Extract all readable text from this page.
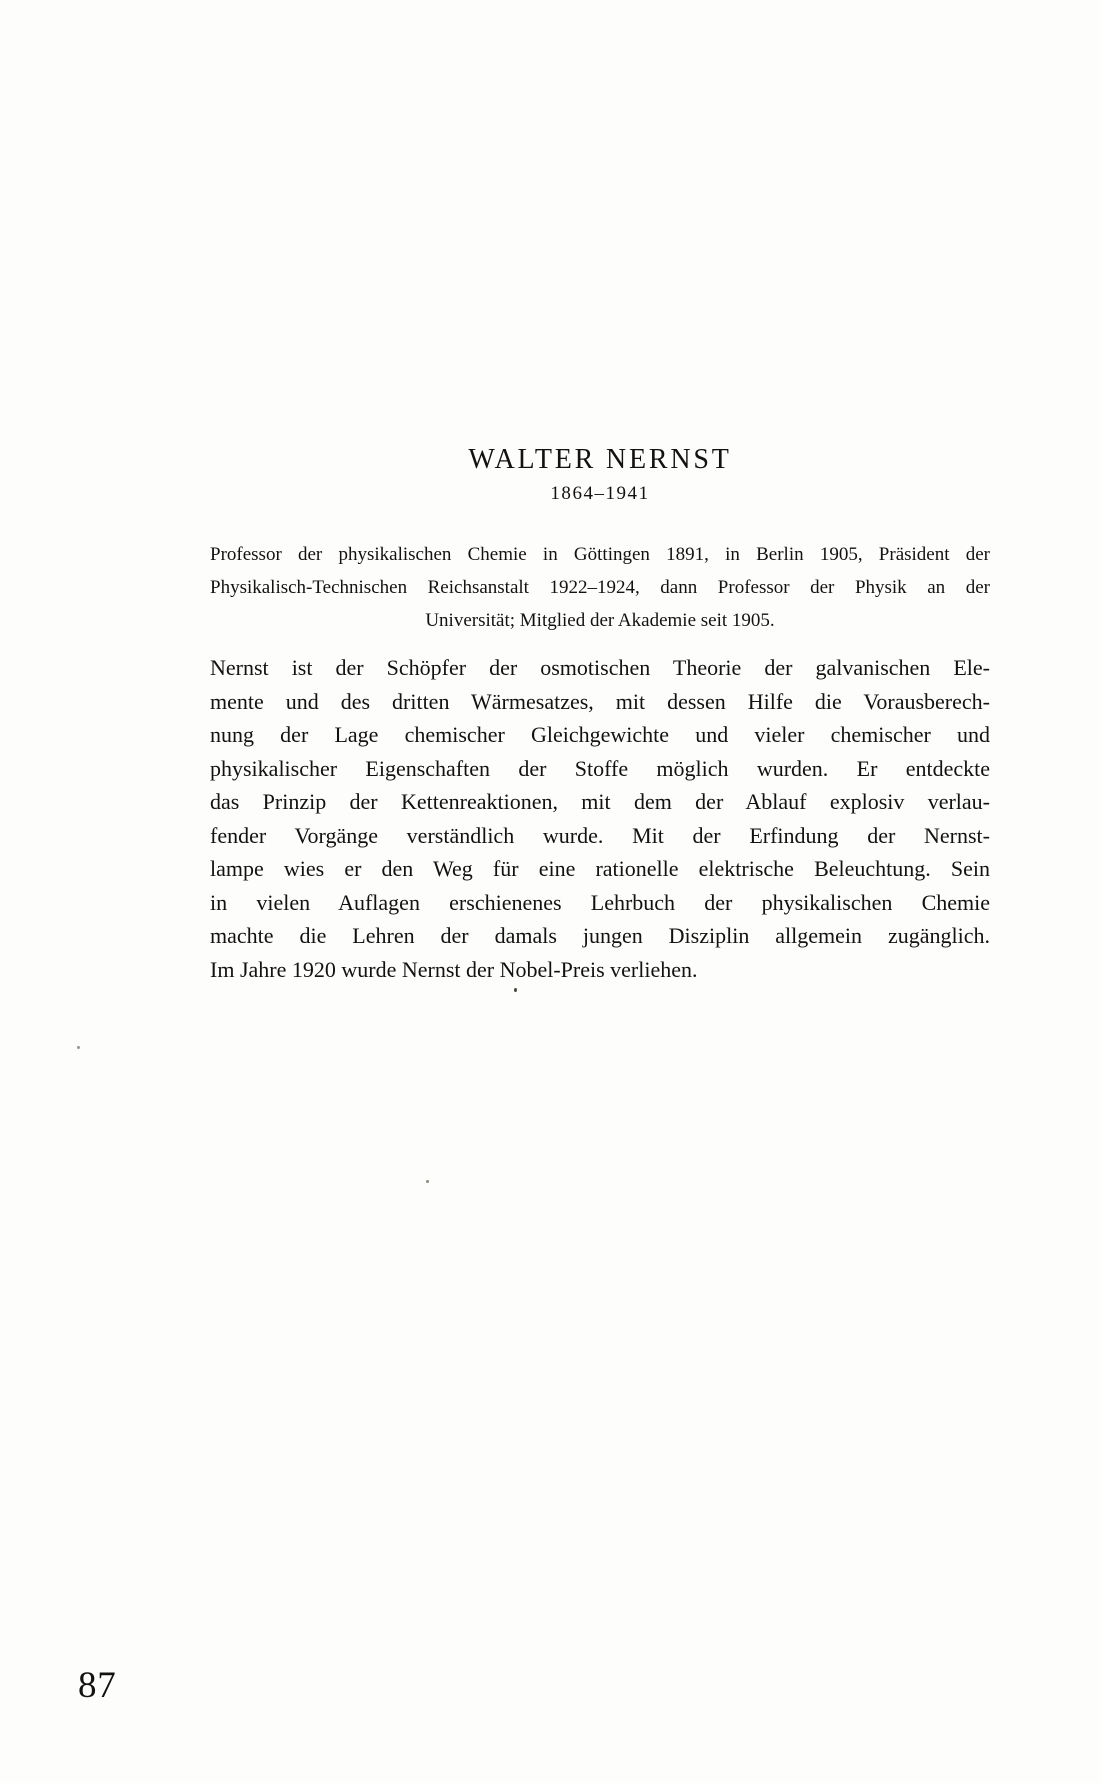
WALTER NERNST
1864–1941
Professor der physikalischen Chemie in Göttingen 1891, in Berlin 1905, Präsident der
Physikalisch-Technischen Reichsanstalt 1922–1924, dann Professor der Physik an der
Universität; Mitglied der Akademie seit 1905.
Nernst ist der Schöpfer der osmotischen Theorie der galvanischen Ele-
mente und des dritten Wärmesatzes, mit dessen Hilfe die Vorausberech-
nung der Lage chemischer Gleichgewichte und vieler chemischer und
physikalischer Eigenschaften der Stoffe möglich wurden. Er entdeckte
das Prinzip der Kettenreaktionen, mit dem der Ablauf explosiv verlau-
fender Vorgänge verständlich wurde. Mit der Erfindung der Nernst-
lampe wies er den Weg für eine rationelle elektrische Beleuchtung. Sein
in vielen Auflagen erschienenes Lehrbuch der physikalischen Chemie
machte die Lehren der damals jungen Disziplin allgemein zugänglich.
Im Jahre 1920 wurde Nernst der Nobel-Preis verliehen.
87
